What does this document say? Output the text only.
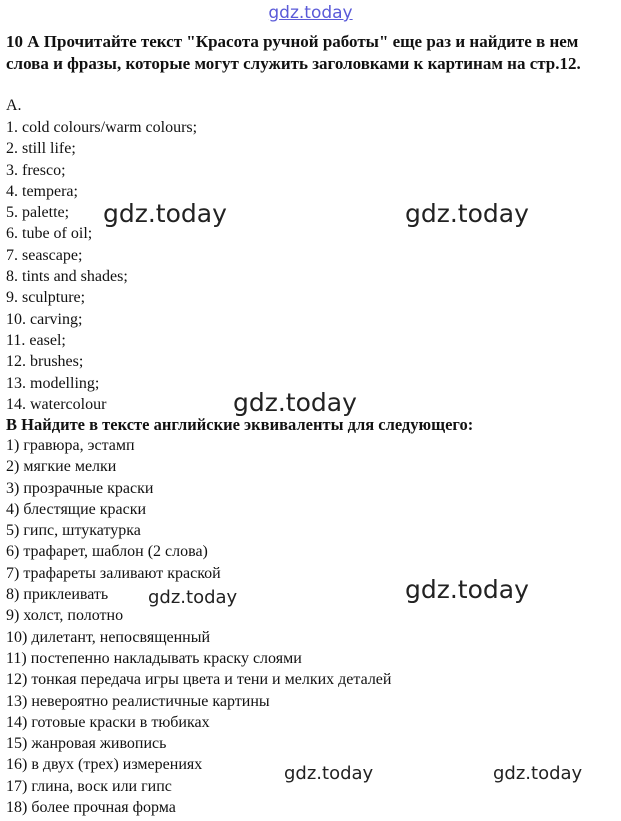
gdz.today
10 А Прочитайте текст "Красота ручной работы" еще раз и найдите в нем слова и фразы, которые могут служить заголовками к картинам на стр.12.
А.
1. cold colours/warm colours;
2. still life;
3. fresco;
4. tempera;
5. palette;
6. tube of oil;
7. seascape;
8. tints and shades;
9. sculpture;
10. carving;
11. easel;
12. brushes;
13. modelling;
14. watercolour
В Найдите в тексте английские эквиваленты для следующего:
1) гравюра, эстамп
2) мягкие мелки
3) прозрачные краски
4) блестящие краски
5) гипс, штукатурка
6) трафарет, шаблон (2 слова)
7) трафареты заливают краской
8) приклеивать
9) холст, полотно
10) дилетант, непосвященный
11) постепенно накладывать краску слоями
12) тонкая передача игры цвета и тени и мелких деталей
13) невероятно реалистичные картины
14) готовые краски в тюбиках
15) жанровая живопись
16) в двух (трех) измерениях
17) глина, воск или гипс
18) более прочная форма
gdz.today	gdz.today
gdz.today
gdz.today
gdz.today
gdz.today	gdz.today
